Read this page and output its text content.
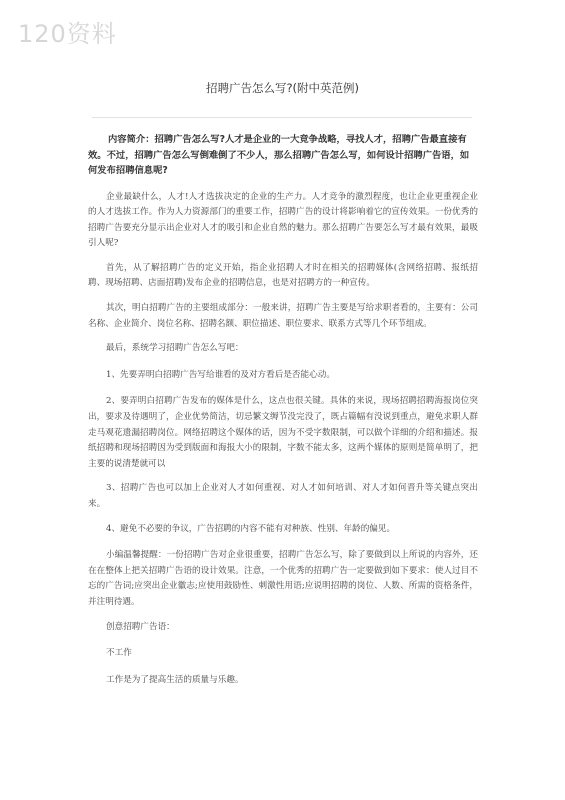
120资料
招聘广告怎么写?(附中英范例)

内容简介：招聘广告怎么写?人才是企业的一大竞争战略，寻找人才，招聘广告最直接有效。不过，招聘广告怎么写倒难倒了不少人，那么招聘广告怎么写，如何设计招聘广告语，如何发布招聘信息呢?

企业最缺什么，人才!人才选拔决定的企业的生产力。人才竞争的激烈程度，也让企业更重视企业的人才选拔工作。作为人力资源部门的重要工作，招聘广告的设计将影响着它的宣传效果。一份优秀的招聘广告要充分显示出企业对人才的吸引和企业自然的魅力。那么招聘广告要怎么写才最有效果，最吸引人呢?

首先，从了解招聘广告的定义开始，指企业招聘人才时在相关的招聘媒体(含网络招聘、报纸招聘、现场招聘、店面招聘)发布企业的招聘信息，也是对招聘方的一种宣传。

其次，明白招聘广告的主要组成部分：一般来讲，招聘广告主要是写给求职者看的，主要有：公司名称、企业简介、岗位名称、招聘名额、职位描述、职位要求、联系方式等几个环节组成。

最后，系统学习招聘广告怎么写吧：

1、先要弄明白招聘广告写给谁看的及对方看后是否能心动。

2、要弄明白招聘广告发布的媒体是什么，这点也很关键。具体的来说，现场招聘招聘海报岗位突出，要求及待遇明了，企业优势简洁，切忌繁文缛节没完没了，既占篇幅有没说到重点，避免求职人群走马观花遗漏招聘岗位。网络招聘这个媒体的话，因为不受字数限制，可以做个详细的介绍和描述。报纸招聘和现场招聘因为受到版面和海报大小的限制，字数不能太多，这两个媒体的原则是简单明了，把主要的说清楚就可以

3、招聘广告也可以加上企业对人才如何重视、对人才如何培训、对人才如何晋升等关键点突出来。

4、避免不必要的争议，广告招聘的内容不能有对种族、性别、年龄的偏见。

小编温馨提醒：一份招聘广告对企业很重要，招聘广告怎么写，除了要做到以上所说的内容外，还在在整体上把关招聘广告语的设计效果。注意，一个优秀的招聘广告一定要做到如下要求：使人过目不忘的广告词;应突出企业徽志;应使用鼓励性、刺激性用语;应说明招聘的岗位、人数、所需的资格条件，并注明待遇。

创意招聘广告语：

不工作

工作是为了提高生活的质量与乐趣。
